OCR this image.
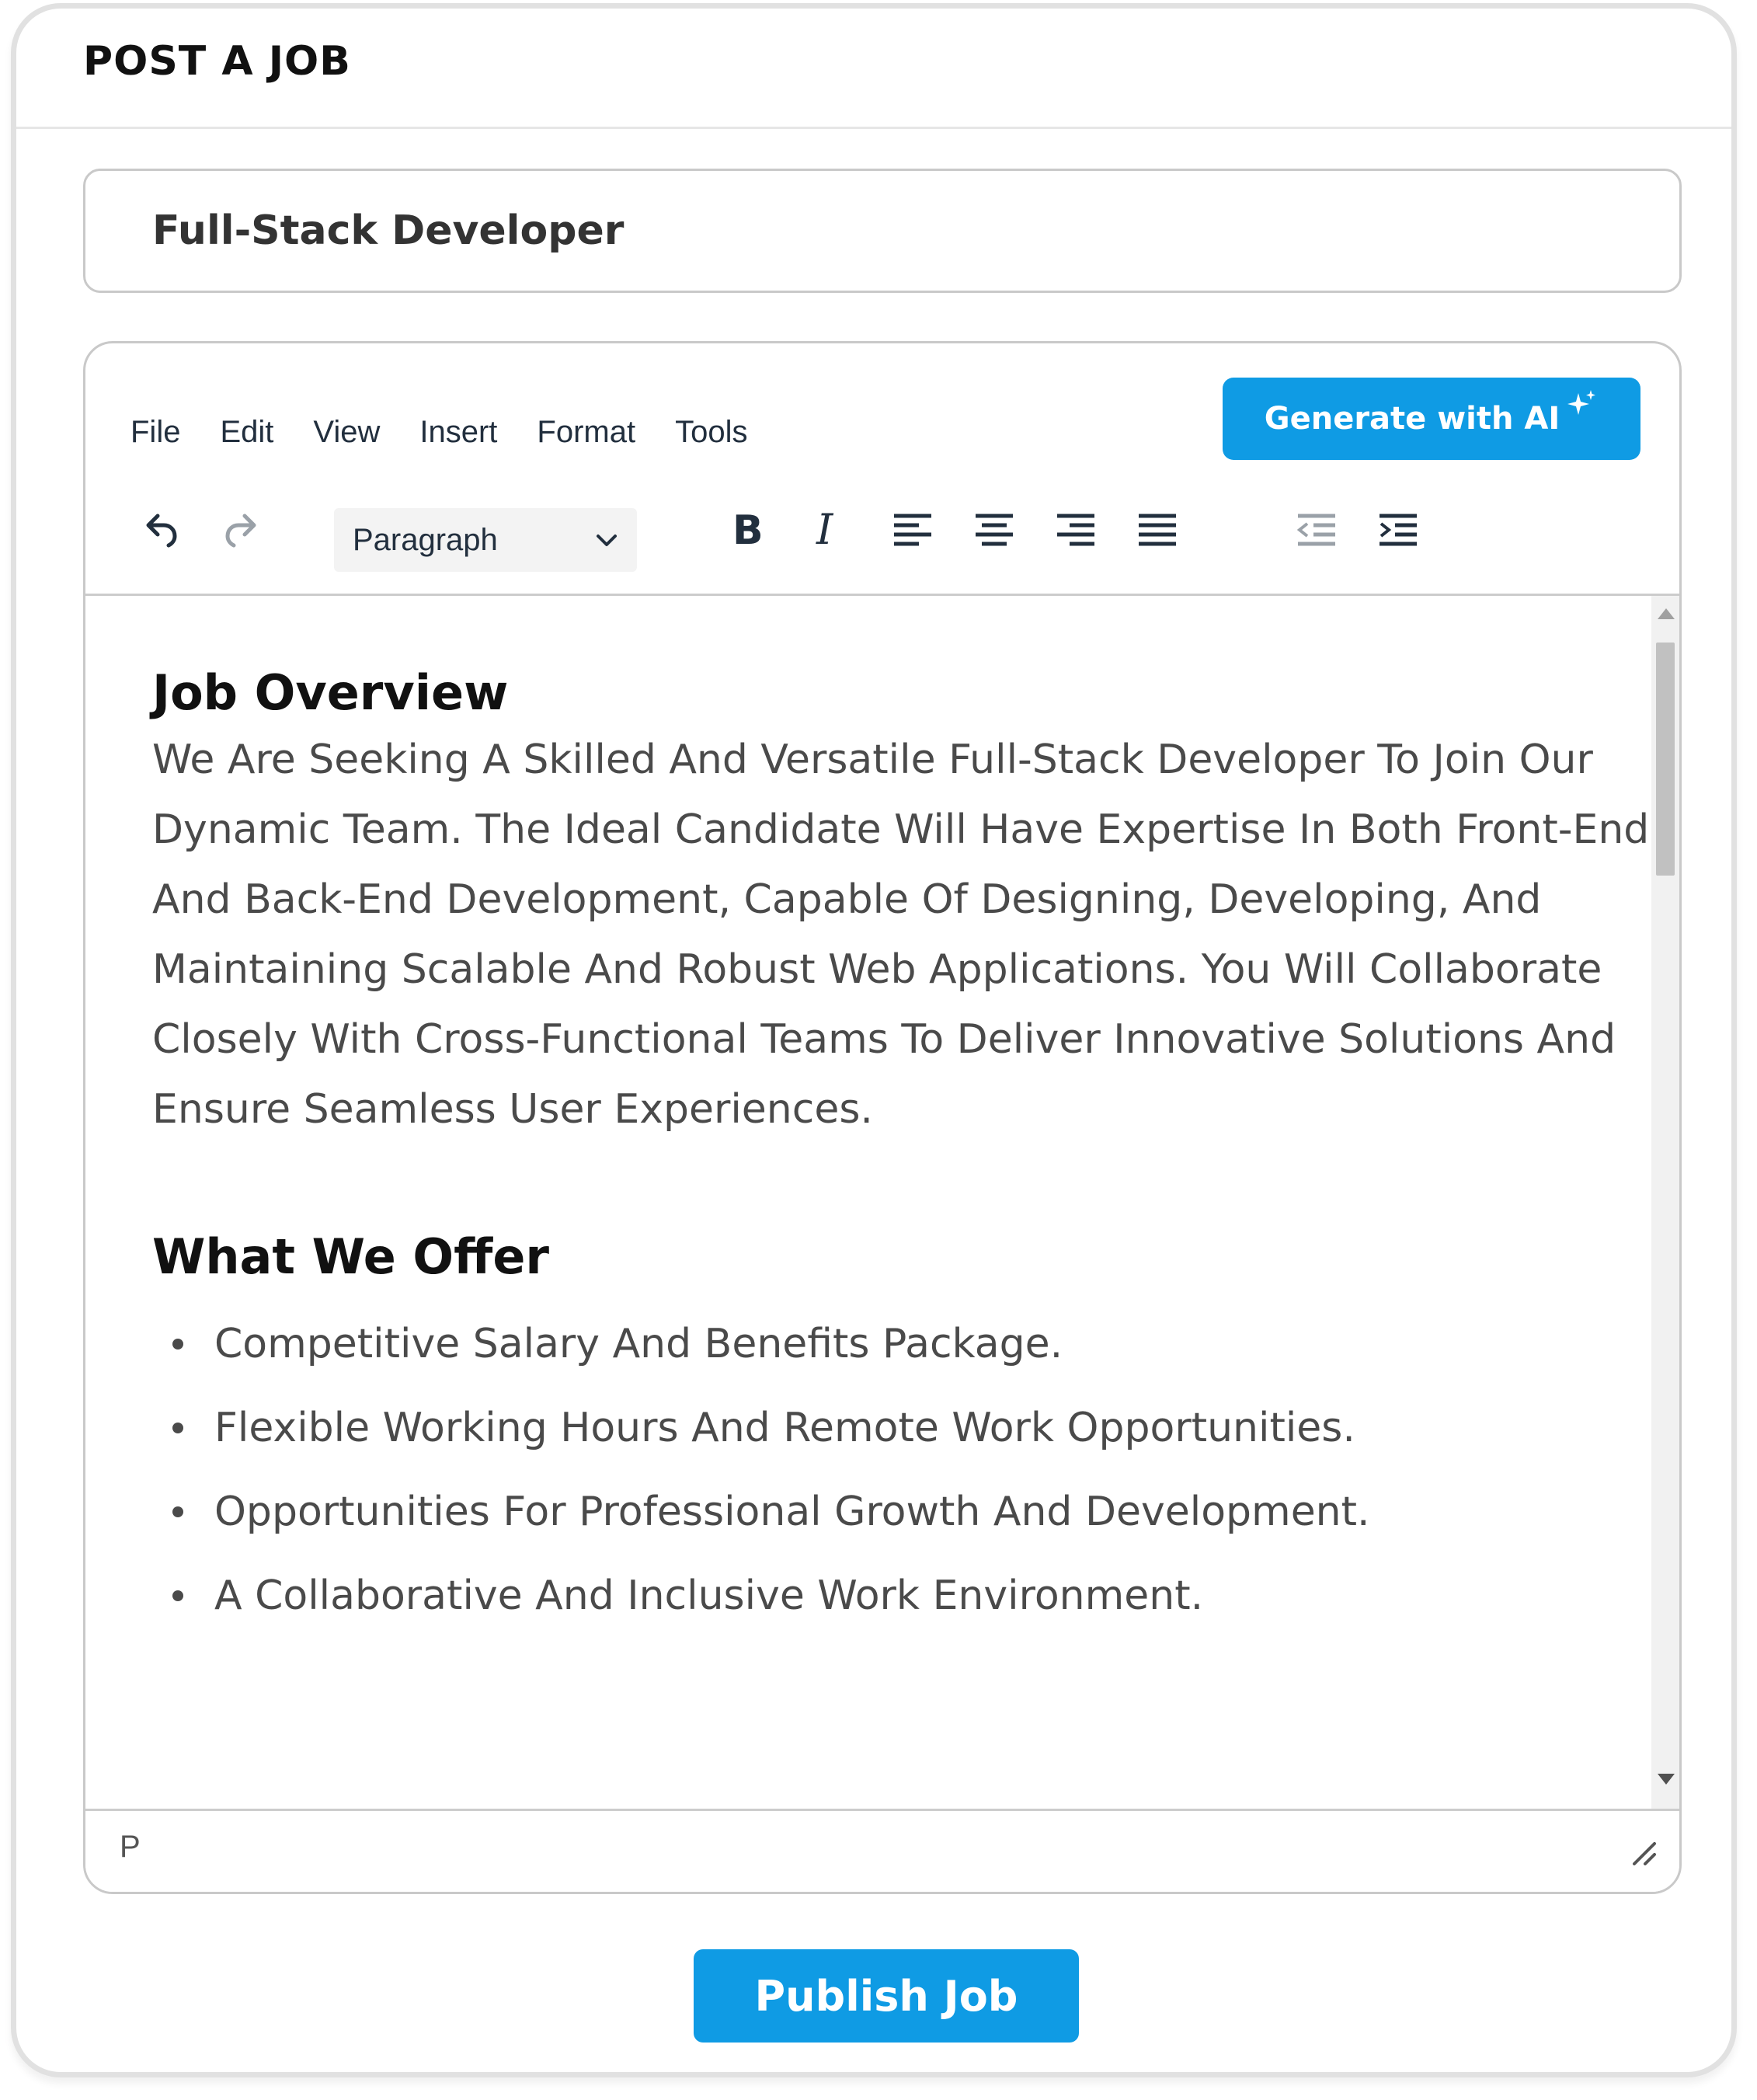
POST A JOB
Full-Stack Developer
File Edit View Insert Format Tools	Generate with AI
Paragraph	B I
Job Overview

We Are Seeking A Skilled And Versatile Full-Stack Developer To Join Our Dynamic Team. The Ideal Candidate Will Have Expertise In Both Front-End And Back-End Development, Capable Of Designing, Developing, And Maintaining Scalable And Robust Web Applications. You Will Collaborate Closely With Cross-Functional Teams To Deliver Innovative Solutions And Ensure Seamless User Experiences.

What We Offer
Competitive Salary And Benefits Package.
Flexible Working Hours And Remote Work Opportunities.
Opportunities For Professional Growth And Development.
A Collaborative And Inclusive Work Environment.
P
Publish Job
